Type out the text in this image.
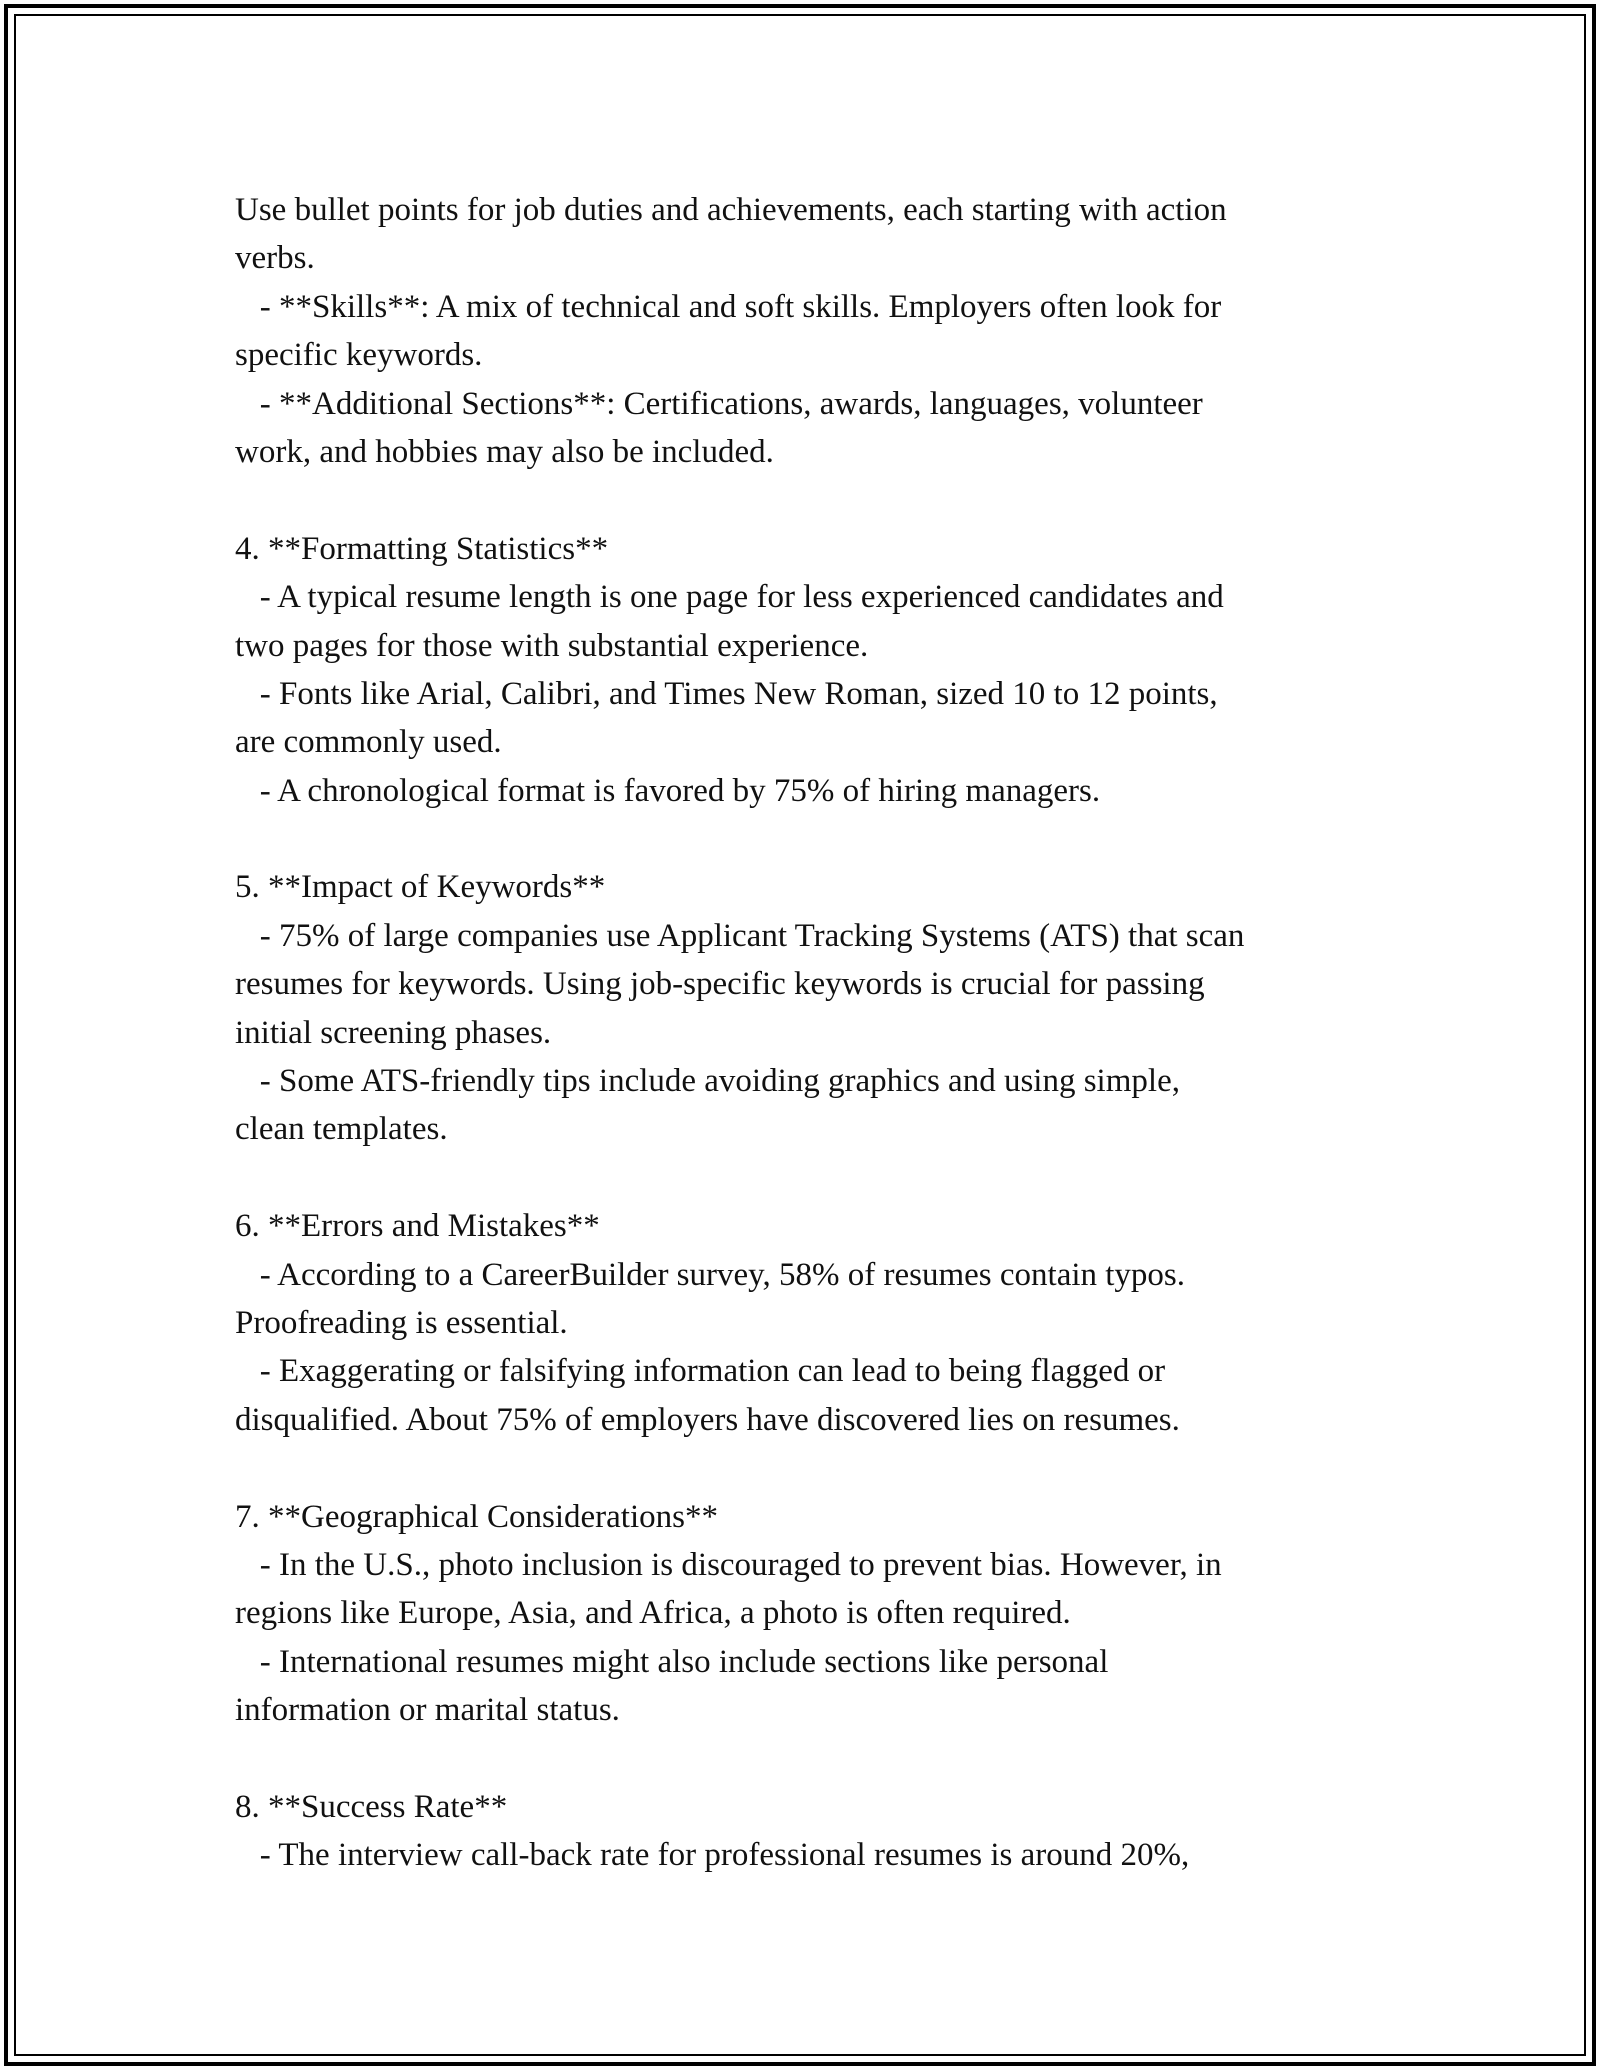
Use bullet points for job duties and achievements, each starting with action
verbs.
- **Skills**: A mix of technical and soft skills. Employers often look for
specific keywords.
- **Additional Sections**: Certifications, awards, languages, volunteer
work, and hobbies may also be included.
4. **Formatting Statistics**
- A typical resume length is one page for less experienced candidates and
two pages for those with substantial experience.
- Fonts like Arial, Calibri, and Times New Roman, sized 10 to 12 points,
are commonly used.
- A chronological format is favored by 75% of hiring managers.
5. **Impact of Keywords**
- 75% of large companies use Applicant Tracking Systems (ATS) that scan
resumes for keywords. Using job-specific keywords is crucial for passing
initial screening phases.
- Some ATS-friendly tips include avoiding graphics and using simple,
clean templates.
6. **Errors and Mistakes**
- According to a CareerBuilder survey, 58% of resumes contain typos.
Proofreading is essential.
- Exaggerating or falsifying information can lead to being flagged or
disqualified. About 75% of employers have discovered lies on resumes.
7. **Geographical Considerations**
- In the U.S., photo inclusion is discouraged to prevent bias. However, in
regions like Europe, Asia, and Africa, a photo is often required.
- International resumes might also include sections like personal
information or marital status.
8. **Success Rate**
- The interview call-back rate for professional resumes is around 20%,
